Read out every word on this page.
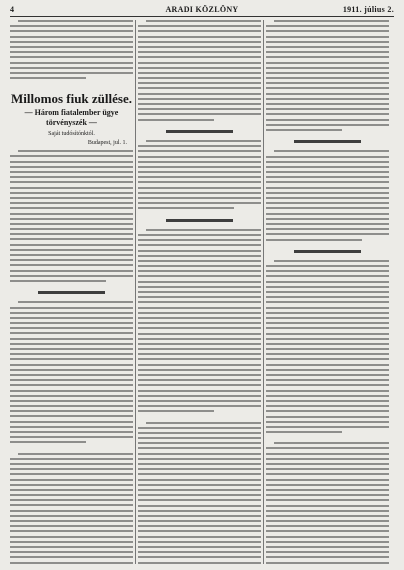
4	ARADI KÖZLÖNY	1911. július 2.
Millomos fiuk züllése.
— Három fiatalember ügye törvényszék —
Saját tudósítónktól.
Budapest, jul. 1.
